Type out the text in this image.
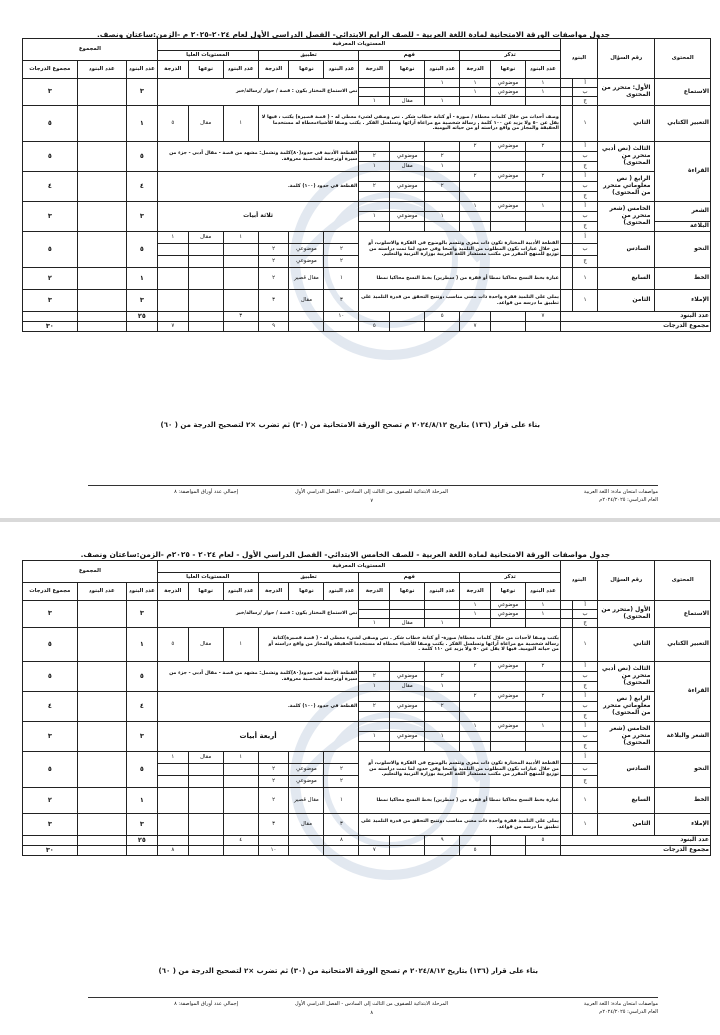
جدول مواصفات الورقة الامتحانية لمادة اللغة العربية - للصف الرابع الابتدائي- الفصل الدراسي الأول لعام ٢٠٢٤-٢٠٢٥ م -الزمن:ساعتان ونصف.
المحتوى	رقم السؤال	البنود		المستويات المعرفية												المجموع		
				تذكر			فهم			تطبيق			المستويات العليا					
				عدد البنود	نوعها	الدرجة	عدد البنود	نوعها	الدرجة	عدد البنود	نوعها	الدرجة	عدد البنود	نوعها	الدرجة	عدد البنود	عدد البنود	مجموع الدرجات
الاستماع	الأول: متحرر من المحتوى	أ		١	موضوعي	١	١			نص الاستماع المختار يكون : قصة / حوار /رسالة/خبر						٣		٣
		ب		١	موضوعي	١												
		ج					١	مقال	١									
التعبير الكتابي	الثاني	١		وصف أحداث من خلال كلمات معطاة / صورة - أو كتابة خطاب شكر . نص وصفي لشيء معطى له - ( قصة قصيرة) يكتب ، فيها لا يقل عن ٥٠ ولا يزيد عن ١٠٠ كلمة . رسالة شخصية مع مراعاة آرائها وتسلسل الفكر . يكتب وصفا للأشياءمعطاة له مستخدما الحقيقة والمجاز من واقع دراسته أو من حياته اليومية.									١	مقال	٥	١		٥
القراءة	الثالث (نص أدبي متحرر من المحتوى)	أ		٢	موضوعي	٢				القطعة الأدبية في حدود(٨٠)كلمة وتشمل: مشهد من قصة - مقال أدبي - جزء من سيرة أوترجمة لشخصية معروفة.						٥		٥
		ب					٢	موضوعي	٢									
		ج					١	مقال	١									
	الرابع ( نص معلوماتي متحرر من المحتوى)	أ		٢	موضوعي	٢				القطعة في حدود (١٠٠) كلمة.						٤		٤
		ب					٢	موضوعي	٢									
		ج																
الشعر	الخامس (شعر متحرر من المحتوى)	أ		١	موضوعي	١				ثلاثة أبيات						٣		٣
		ب					١	موضوعي	١									
البلاغة		ج																
النحو	السادس	أ		القطعة الأدبية المختارة تكون ذات مغزى وتتسم بالوضوح في الفكرة والاسلوب، أو من خلال عبارات يكون المطلوب من التلميذ واضحا وفي حدود لما تمت دراسته من توزيع للمنهج المقرر من مكتب مستشار اللغة العربية بوزارة التربية والتعليم.									١	مقال	١	٥		٥
		ب								٢	موضوعي	٢						
		ج								٢	موضوعي	٢						
الخط	السابع	١		عبارة بخط النسخ محاكيا نمطا أو فقرة من ( سطرين) بخط النسخ محاكيا نمطا						١	مقال قصير	٢				١		٢
الإملاء	الثامن	١		يملى على التلميذ فقرة واحدة ذات معنى مناسب ،وتتيح التحقق من قدرة التلميذ على تطبيق ما درسه من قواعد.						٣	مقال	٣				٣		٣
عدد البنود				٧			٥			١٠			٣			٢٥		
مجموع الدرجات						٧			٥			٩			٧			٣٠
بناء على قرار (١٣٦) بتاريخ ٢٠٢٤/٨/١٢ م تصحح الورقة الامتحانية من (٣٠) ثم تضرب ×٢ لتصحيح الدرجة من ( ٦٠)
مواصفات امتحان مادة: اللغة العربية
العام الدراسي: ٢٠٢٤/٢٠٢٥م
المرحلة الابتدائية للصفوف من الثالث إلى السادس - الفصل الدراسي الأول
إجمالي عدد أوراق المواصفة: ٨
٧
جدول مواصفات الورقة الامتحانية لمادة اللغة العربية - للصف الخامس الابتدائي- الفصل الدراسي الأول - لعام ٢٠٢٤ - ٢٠٢٥م -الزمن:ساعتان ونصف.
المحتوى	رقم السؤال	البنود		المستويات المعرفية												المجموع		
				تذكر			فهم			تطبيق			المستويات العليا					
				عدد البنود	نوعها	الدرجة	عدد البنود	نوعها	الدرجة	عدد البنود	نوعها	الدرجة	عدد البنود	نوعها	الدرجة	عدد البنود	عدد البنود	مجموع الدرجات
الاستماع	الأول (متحرر من المحتوى)	أ		١	موضوعي	١				نص الاستماع المختار يكون : قصة / حوار /رسالة/خبر						٣		٣
		ب		١	موضوعي	١												
		ج					١	مقال	١									
التعبير الكتابي	الثاني	١		يكتب وصفا لأحداث من خلال كلمات معطاة/ صورة- أو كتابة خطاب شكر . نص وصفي لشيء معطى له - ( قصة قصيرة)كتابة رسالة شخصية مع مراعاة آرائها وتسلسل الفكر . يكتب وصفا للأشياء معطاة له مستخدما الحقيقة والمجاز من واقع دراسته أو من حياته اليومية. فيها لا يقل عن ٥٠ ولا يزيد عن ١١٠ كلمة .									١	مقال	٥	١		٥
القراءة	الثالث (نص أدبي متحرر من المحتوى)	أ		٢	موضوعي	٢				القطعة الأدبية في حدود(٨٠)كلمة وتشمل: مشهد من قصة - مقال أدبي - جزء من سيرة أوترجمة لشخصية معروفة.						٥		٥
		ب					٢	موضوعي	٢									
		ج					١	مقال	١									
	الرابع ( نص معلوماتي متحرر من المحتوى)	أ		٢	موضوعي	٢				القطعة في حدود (١٠٠) كلمة.						٤		٤
		ب					٢	موضوعي	٢									
		ج																
الشعر والبلاغة	الخامس (شعر متحرر من المحتوى)	أ		١	موضوعي	١				أربعة أبيات						٣		٣
		ب					١	موضوعي	١									
		ج																
النحو	السادس	أ		القطعة الأدبية المختارة تكون ذات مغزى وتتسم بالوضوح في الفكرة والاسلوب، أو من خلال عبارات يكون المطلوب من التلميذ واضحا وفي حدود لما تمت دراسته من توزيع للمنهج المقرر من مكتب مستشار اللغة العربية بوزارة التربية والتعليم.									١	مقال	١	٥		٥
		ب								٢	موضوعي	٢						
		ج								٢	موضوعي	٢						
الخط	السابع	١		عبارة بخط النسخ محاكيا نمطا أو فقرة من ( سطرين) بخط النسخ محاكيا نمطا						١	مقال قصير	٢				١		٢
الإملاء	الثامن	١		يملى على التلميذ فقرة واحدة ذات معنى مناسب ،وتتيح التحقق من قدرة التلميذ على تطبيق ما درسه من قواعد.						٣	مقال	٣				٣		٣
عدد البنود				٥			٩			٨			٤			٢٥		
مجموع الدرجات						٥			٧			١٠			٨			٣٠
بناء على قرار (١٣٦) بتاريخ ٢٠٢٤/٨/١٢ م تصحح الورقة الامتحانية من (٣٠) ثم تضرب ×٢ لتصحيح الدرجة من ( ٦٠)
مواصفات امتحان مادة: اللغة العربية
العام الدراسي: ٢٠٢٤/٢٠٢٥م
المرحلة الابتدائية للصفوف من الثالث إلى السادس - الفصل الدراسي الأول
إجمالي عدد أوراق المواصفة: ٨
٨
